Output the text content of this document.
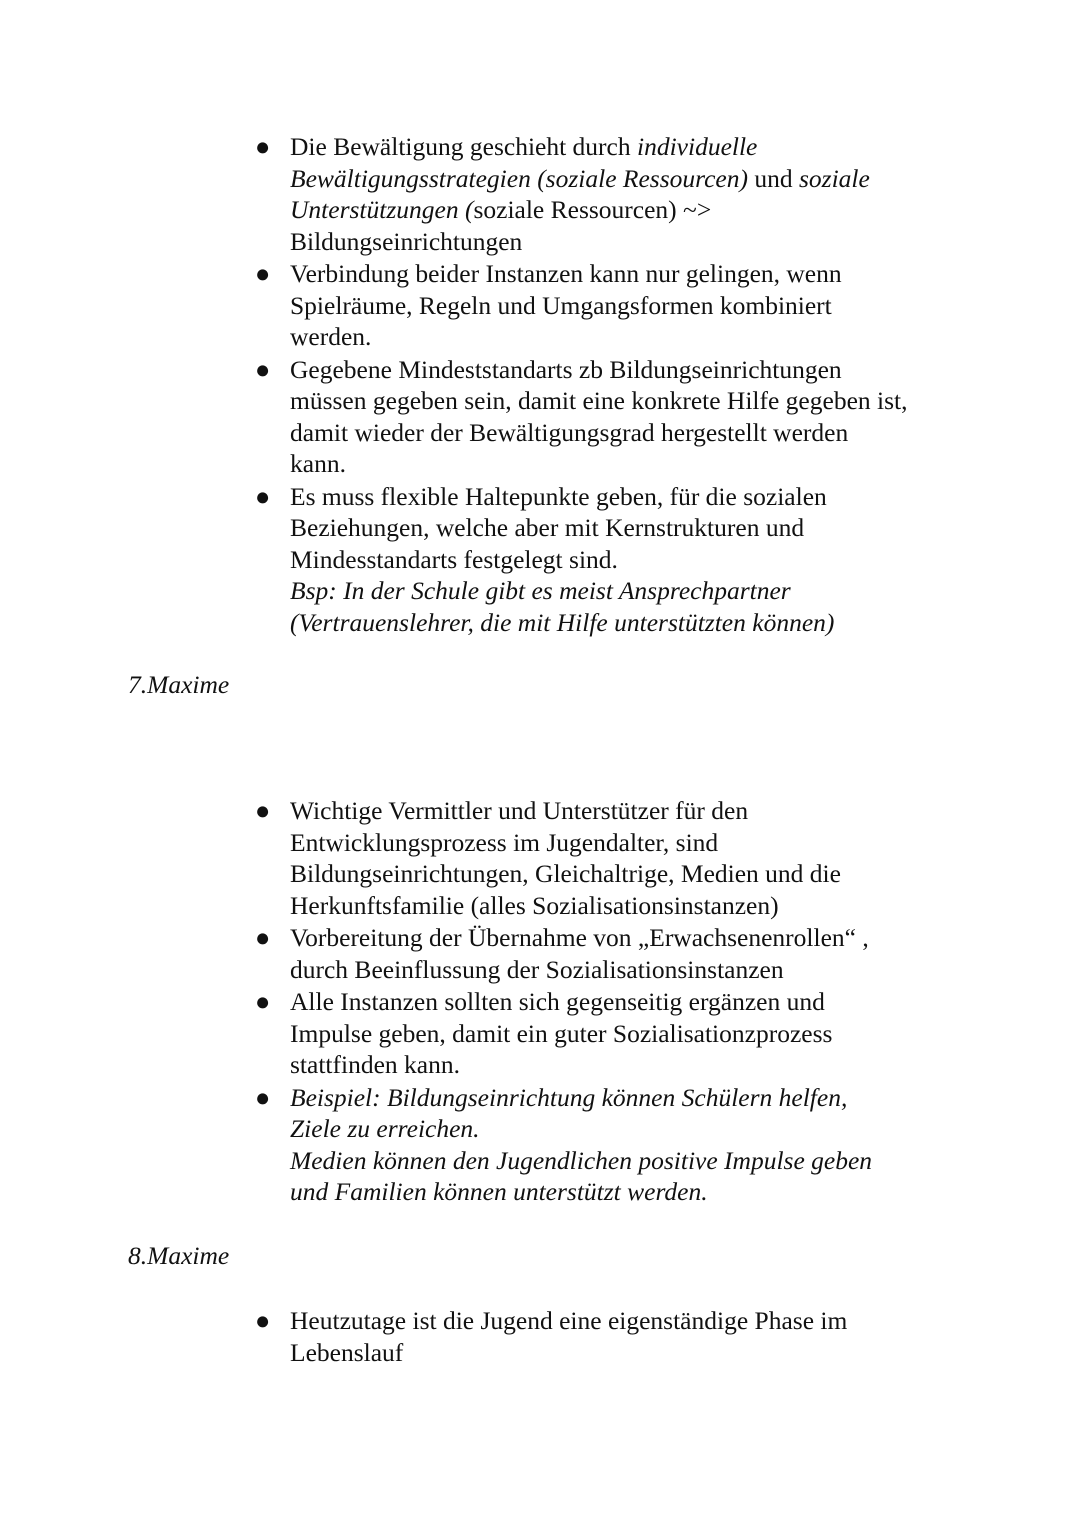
● Die Bewältigung geschieht durch individuelle
Bewältigungsstrategien (soziale Ressourcen) und soziale
Unterstützungen (soziale Ressourcen) ~>
Bildungseinrichtungen
● Verbindung beider Instanzen kann nur gelingen, wenn
Spielräume, Regeln und Umgangsformen kombiniert
werden.
● Gegebene Mindeststandarts zb Bildungseinrichtungen
müssen gegeben sein, damit eine konkrete Hilfe gegeben ist,
damit wieder der Bewältigungsgrad hergestellt werden
kann.
● Es muss flexible Haltepunkte geben, für die sozialen
Beziehungen, welche aber mit Kernstrukturen und
Mindesstandarts festgelegt sind.
Bsp: In der Schule gibt es meist Ansprechpartner
(Vertrauenslehrer, die mit Hilfe unterstützten können)
7.Maxime
● Wichtige Vermittler und Unterstützer für den
Entwicklungsprozess im Jugendalter, sind
Bildungseinrichtungen, Gleichaltrige, Medien und die
Herkunftsfamilie (alles Sozialisationsinstanzen)
● Vorbereitung der Übernahme von „Erwachsenenrollen“ ,
durch Beeinflussung der Sozialisationsinstanzen
● Alle Instanzen sollten sich gegenseitig ergänzen und
Impulse geben, damit ein guter Sozialisationzprozess
stattfinden kann.
● Beispiel: Bildungseinrichtung können Schülern helfen,
Ziele zu erreichen.
Medien können den Jugendlichen positive Impulse geben
und Familien können unterstützt werden.
8.Maxime
● Heutzutage ist die Jugend eine eigenständige Phase im
Lebenslauf
